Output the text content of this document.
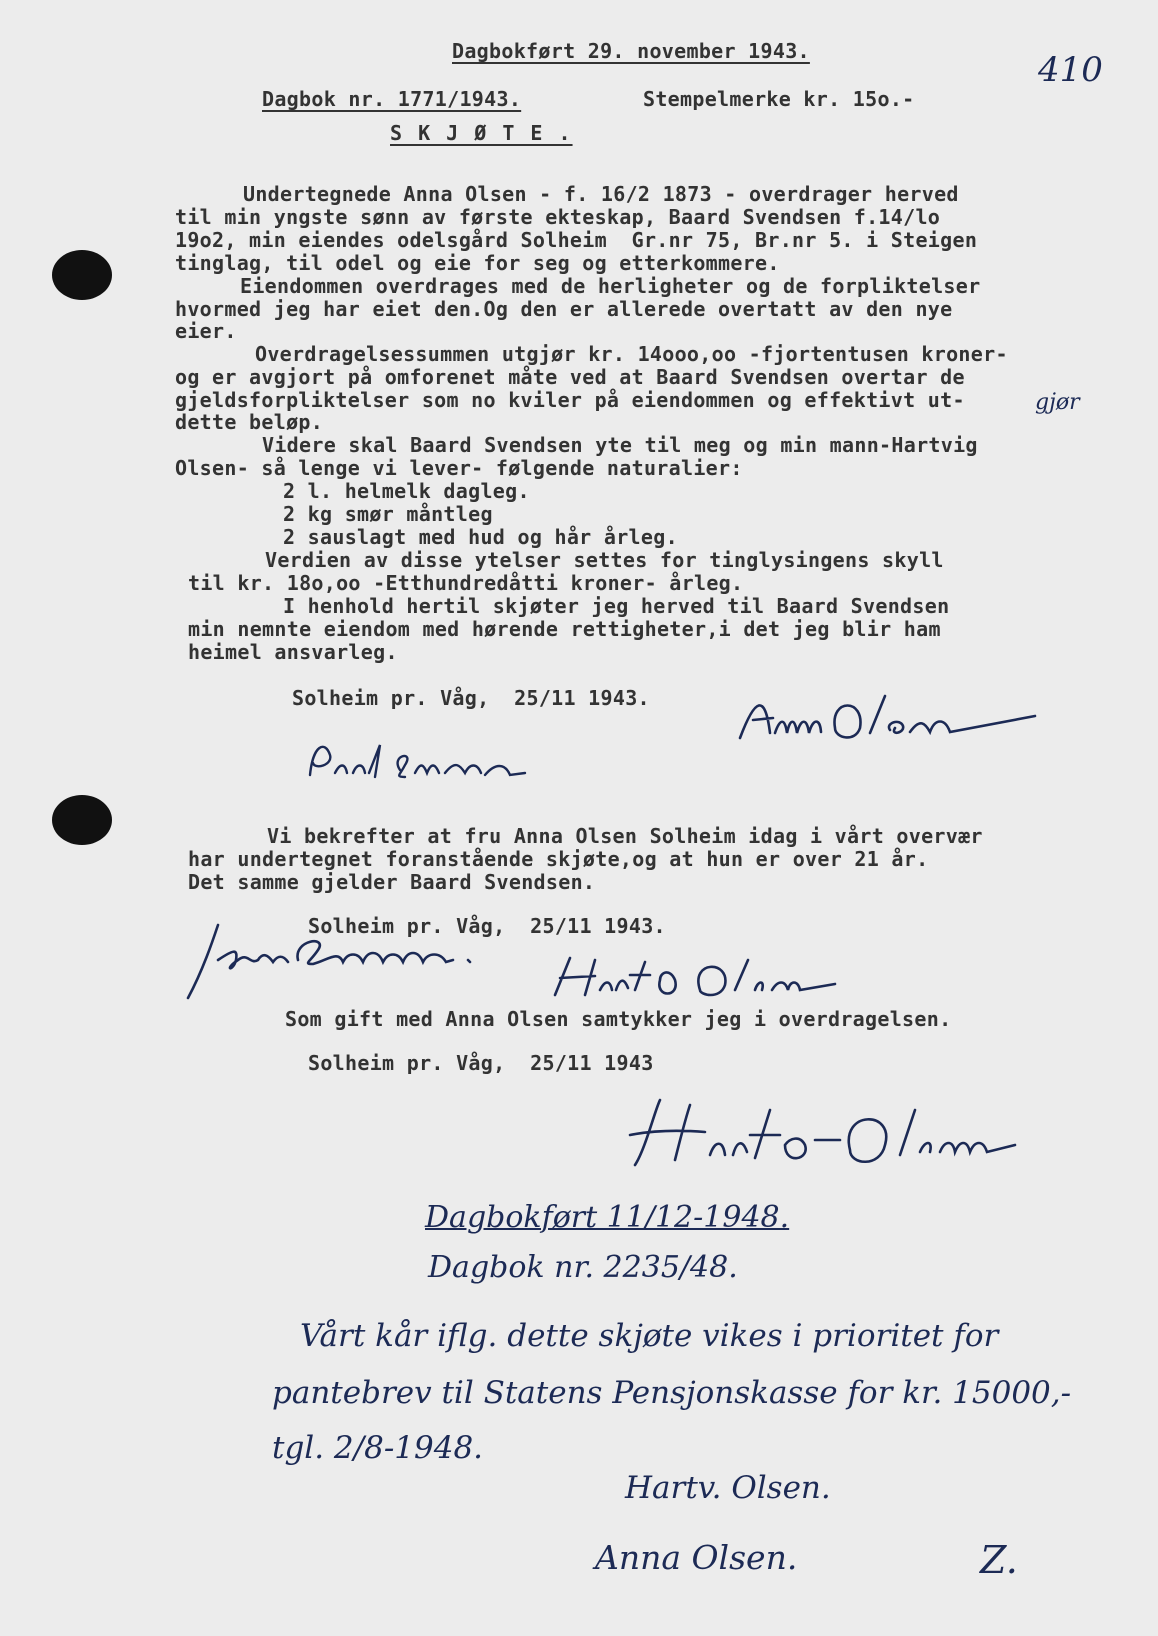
Dagbokført 29. november 1943.	410
Dagbok nr. 1771/1943.	Stempelmerke kr. 15o.-
S K J Ø T E .
Undertegnede Anna Olsen - f. 16/2 1873 - overdrager herved
til min yngste sønn av første ekteskap, Baard Svendsen f.14/lo
19o2, min eiendes odelsgård Solheim  Gr.nr 75, Br.nr 5. i Steigen
tinglag, til odel og eie for seg og etterkommere.
Eiendommen overdrages med de herligheter og de forpliktelser
hvormed jeg har eiet den.Og den er allerede overtatt av den nye
eier.
Overdragelsessummen utgjør kr. 14ooo,oo -fjortentusen kroner-
og er avgjort på omforenet måte ved at Baard Svendsen overtar de
gjeldsforpliktelser som no kviler på eiendommen og effektivt ut-	gjør
dette beløp.
Videre skal Baard Svendsen yte til meg og min mann-Hartvig
Olsen- så lenge vi lever- følgende naturalier:
2 l. helmelk dagleg.
2 kg smør måntleg
2 sauslagt med hud og hår årleg.
Verdien av disse ytelser settes for tinglysingens skyll
til kr. 18o,oo -Etthundredåtti kroner- årleg.
I henhold hertil skjøter jeg herved til Baard Svendsen
min nemnte eiendom med hørende rettigheter,i det jeg blir ham
heimel ansvarleg.
Solheim pr. Våg,  25/11 1943.
Vi bekrefter at fru Anna Olsen Solheim idag i vårt overvær
har undertegnet foranstående skjøte,og at hun er over 21 år.
Det samme gjelder Baard Svendsen.
Solheim pr. Våg,  25/11 1943.
Som gift med Anna Olsen samtykker jeg i overdragelsen.
Solheim pr. Våg,  25/11 1943
Dagbokført 11/12-1948.
Dagbok nr. 2235/48.
Vårt kår iflg. dette skjøte vikes i prioritet for
pantebrev til Statens Pensjonskasse for kr. 15000,-
tgl. 2/8-1948.
Hartv. Olsen.
Anna Olsen.	Z.
